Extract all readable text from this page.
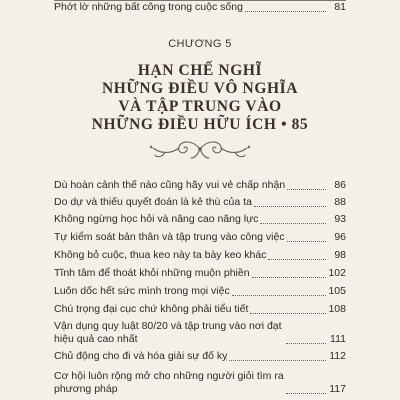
Phớt lờ những bất công trong cuộc sống	81
CHƯƠNG 5
HẠN CHẾ NGHĨ
NHỮNG ĐIỀU VÔ NGHĨA
VÀ TẬP TRUNG VÀO
NHỮNG ĐIỀU HỮU ÍCH • 85
Dù hoàn cảnh thế nào cũng hãy vui vẻ chấp nhận	86
Do dự và thiếu quyết đoán là kẻ thù của ta	88
Không ngừng học hỏi và nâng cao năng lực	93
Tự kiểm soát bản thân và tập trung vào công việc	96
Không bỏ cuộc, thua keo này ta bày keo khác	98
Tĩnh tâm để thoát khỏi những muộn phiền	102
Luôn dốc hết sức mình trong mọi việc	105
Chú trọng đại cục chứ không phải tiểu tiết	108
Vận dụng quy luật 80/20 và tập trung vào nơi đạt hiệu quả cao nhất	111
Chủ động cho đi và hóa giải sự đố kỵ	112
Cơ hội luôn rộng mở cho những người giỏi tìm ra phương pháp	117
